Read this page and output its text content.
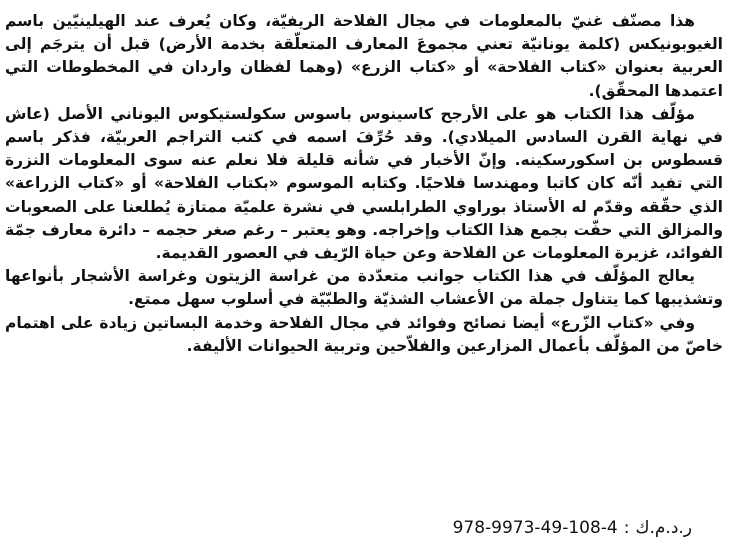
هذا مصنّف غنيّ بالمعلومات في مجال الفلاحة الريفيّة، وكان يُعرف عند الهيلينيّين باسم الغيوبونيكس (كلمة يونانيّة تعني مجموعَ المعارف المتعلّقة بخدمة الأرض) قبل أن يترجَم إلى العربية بعنوان «كتاب الفلاحة» أو «كتاب الزرع» (وهما لفظان واردان في المخطوطات التي اعتمدها المحقّق).

مؤلّف هذا الكتاب هو على الأرجح كاسينوس باسوس سكولستيكوس اليوناني الأصل (عاش في نهاية القرن السادس الميلادي). وقد حُرِّفَ اسمه في كتب التراجم العربيّة، فذكر باسم قسطوس بن اسكورسكينه. وإنّ الأخبار في شأنه قليلة فلا نعلم عنه سوى المعلومات النزرة التي تفيد أنّه كان كاتبا ومهندسا فلاحيًا. وكتابه الموسوم «بكتاب الفلاحة» أو «كتاب الزراعة» الذي حقّقه وقدّم له الأستاذ بوراوي الطرابلسي في نشرة علميّة ممتازة يُطلعنا على الصعوبات والمزالق التي حفّت بجمع هذا الكتاب وإخراجه. وهو يعتبر – رغم صغر حجمه – دائرة معارف جمّة الفوائد، غزيرة المعلومات عن الفلاحة وعن حياة الرّيف في العصور القديمة.

يعالج المؤلّف في هذا الكتاب جوانب متعدّدة من غراسة الزيتون وغراسة الأشجار بأنواعها وتشذيبها كما يتناول جملة من الأعشاب الشذيّة والطبّيّة في أسلوب سهل ممتع.

وفي «كتاب الزّرع» أيضا نصائح وفوائد في مجال الفلاحة وخدمة البساتين زيادة على اهتمام خاصّ من المؤلّف بأعمال المزارعين والفلاّحين وتربية الحيوانات الأليفة.

ر.د.م.ك:978-9973-49-108-4
